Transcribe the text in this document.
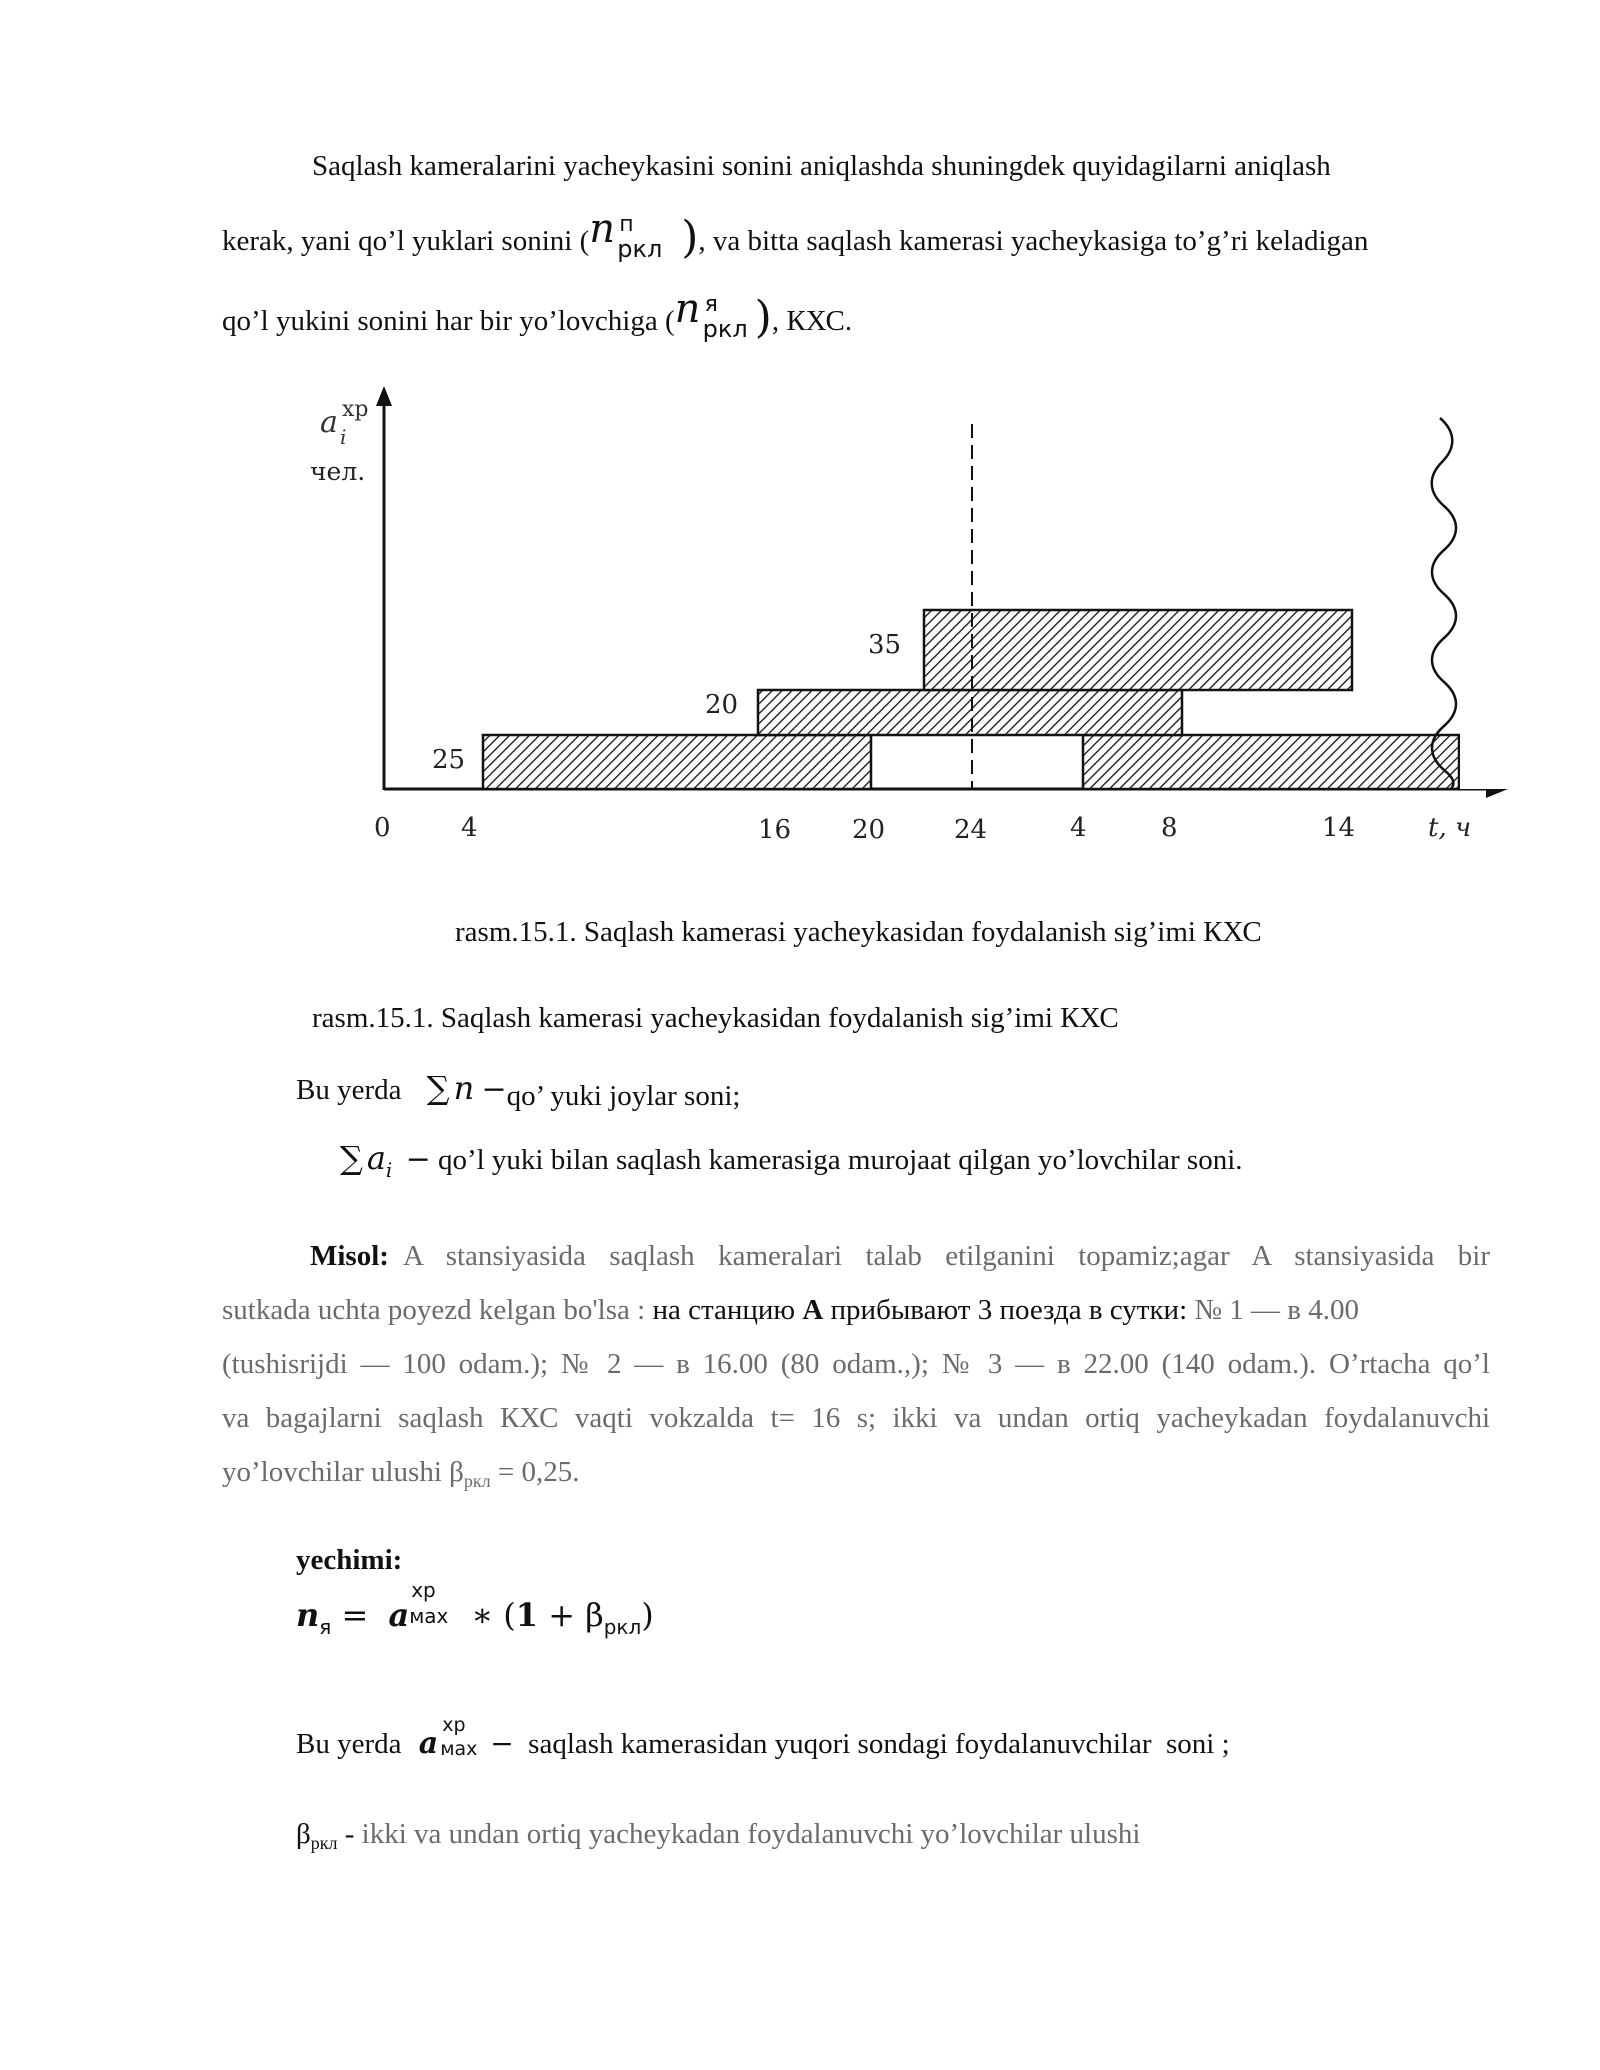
Saqlash kameralarini yacheykasini sonini aniqlashda shuningdek quyidagilarni aniqlash
kerak, yani qo’l yuklari sonini ( n п
ркл ), va bitta saqlash kamerasi yacheykasiga to’g’ri keladigan
qo’l yukini sonini har bir yo’lovchiga ( n я
ркл ), КХС.
a i
хр
чел.
25
20
35
0	4	16 20	24	4	8	14	t, ч
rasm.15.1. Saqlash kamerasi yacheykasidan foydalanish sig’imi КХС
rasm.15.1. Saqlash kamerasi yacheykasidan foydalanish sig’imi КХС
Bu yerda ∑ n −qo’ yuki joylar soni;
∑ $a_i$ − qo’l yuki bilan saqlash kamerasiga murojaat qilgan yo’lovchilar soni.
Misol: A stansiyasida saqlash kameralari talab etilganini topamiz;agar A stansiyasida bir
sutkada uchta poyezd kelgan bo'lsa : на станцию А прибывают 3 поезда в сутки: № 1 — в 4.00
(tushisrijdi — 100 odam.); № 2 — в 16.00 (80 odam.,); № 3 — в 22.00 (140 odam.). O’rtacha qo’l
va bagajlarni saqlash КХС vaqti vokzalda t= 16 s; ikki va undan ortiq yacheykadan foydalanuvchi
yo’lovchilar ulushi $\beta_{ркл} = 0,25$.
yechimi:
$n_я = a$
хр
мах ∗ $(1 + \beta_{ркл})$
Bu yerda a
хр
мах −  saqlash kamerasidan yuqori sondagi foydalanuvchilar  soni ;
$\beta_{ркл}$ - ikki va undan ortiq yacheykadan foydalanuvchi yo’lovchilar ulushi
